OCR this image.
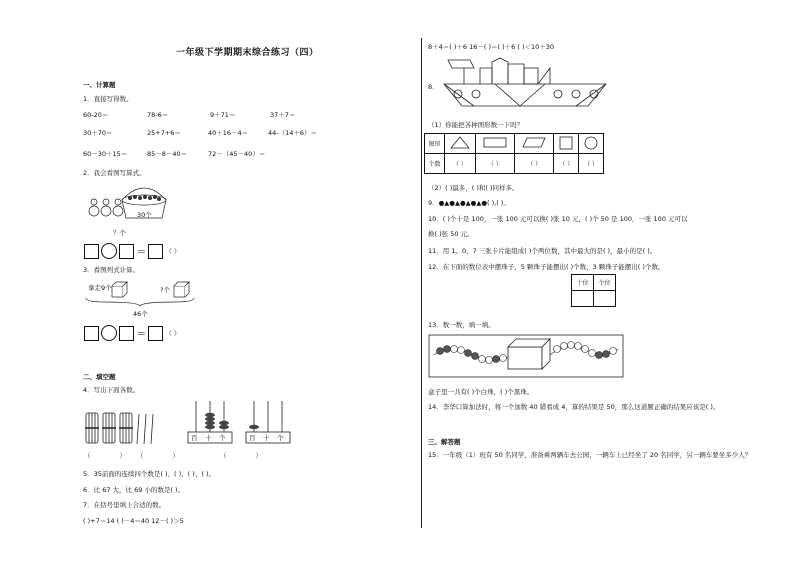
一年级下学期期末综合练习（四）
一、计算题
1．直接写得数。
60-20＝	78-6＝	9＋71＝	37＋7＝
30＋70＝	25+7+6＝	40＋16－4＝	44-（14＋6）＝
60－30＋15＝	85－8－40＝	72－（45－40）＝
2．我会看图写算式。
30个
？个
＝	（ ）
3．看图列式计算。
拿走9个	?个
46个
＝	（ ）
二、填空题
4．写出下面各数。
百 十 个	百 十 个
（	） （	）	（	）
5．35前面的连续四个数是( )、( )、( )、( )。
6．比 67 大，比 69 小的数是( )。
7．在括号里填上合适的数。
( )+7＝14 ( )－4＝40 12－( )＞5
8＋4＝( )＋6 16－( )＝( )＋6 ( )＜10＋30
8．
（1）你能把各种图形数一下吗？
图形					
个数	（ ）	（ ）	（ ）	（ ）	（ ）
（2）( )最多，( )和( )同样多。
9．●▲●▲●▲●▲●( ),( )。
10．( )个十是 100，一张 100 元可以换( )张 10 元，( )个 50 是 100，一张 100 元可以
换( )张 50 元。
11．用 1、0、7 三张卡片能组成( )个两位数，其中最大的是( )，最小的是( )。
12．在下面的数位表中摆珠子，5 颗珠子能摆出( )个数，3 颗珠子能摆出( )个数。
十位	个位

13．数一数，填一填。
盒子里一共有( )个白珠，( )个黑珠。
14．李华口算加法时，将一个加数 40 错看成 4，算的结果是 50，那么这道题正确的结果应该是( )。
三、解答题
15．一年级（1）班有 50 名同学，准备乘两辆车去公园，一辆车上已经坐了 20 名同学，另一辆车要坐多少人？
